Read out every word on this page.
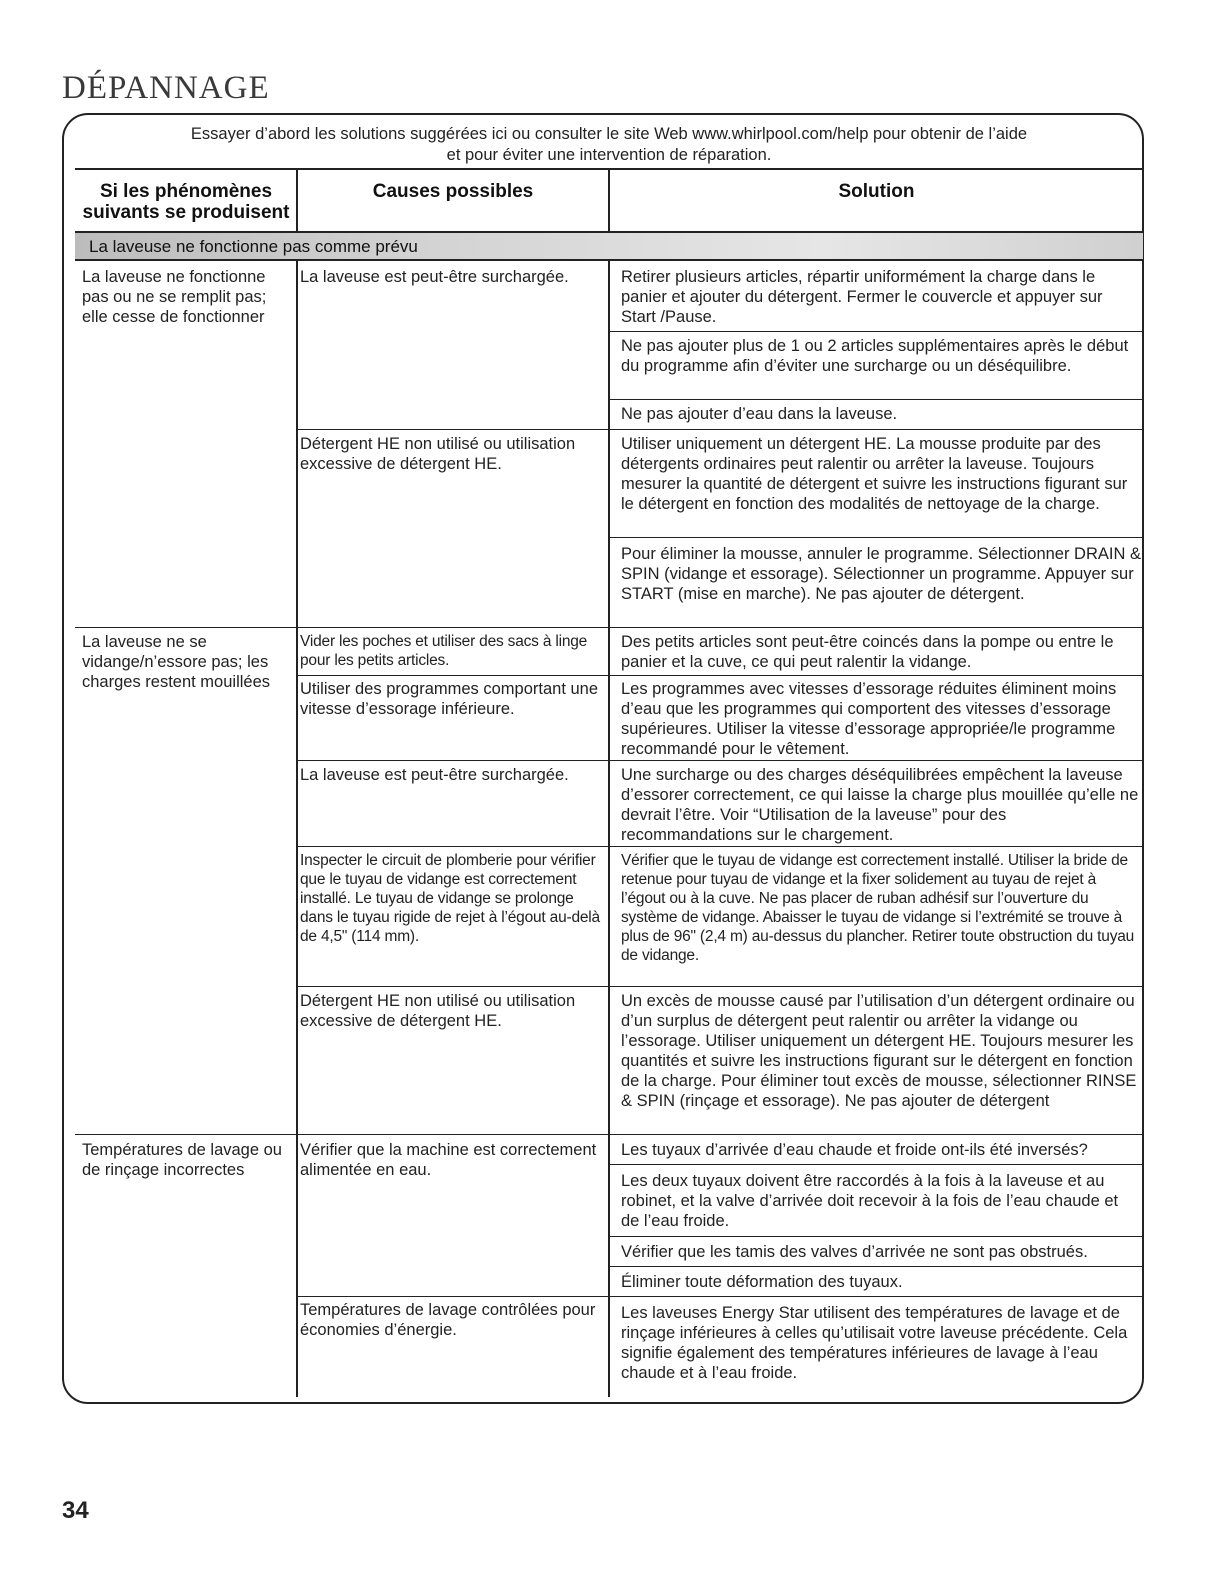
DÉPANNAGE
Essayer d’abord les solutions suggérées ici ou consulter le site Web www.whirlpool.com/help pour obtenir de l’aide
et pour éviter une intervention de réparation.
Si les phénomènes
suivants se produisent
Causes possibles	Solution
La laveuse ne fonctionne pas comme prévu
La laveuse ne fonctionne pas ou ne se remplit pas; elle cesse de fonctionner
La laveuse ne se vidange/n’essore pas; les charges restent mouillées
Températures de lavage ou de rinçage incorrectes
La laveuse est peut-être surchargée.
Détergent HE non utilisé ou utilisation excessive de détergent HE.
Vider les poches et utiliser des sacs à linge pour les petits articles.
Utiliser des programmes comportant une vitesse d’essorage inférieure.
La laveuse est peut-être surchargée.
Inspecter le circuit de plomberie pour vérifier que le tuyau de vidange est correctement installé. Le tuyau de vidange se prolonge dans le tuyau rigide de rejet à l’égout au-delà de 4,5" (114 mm).
Détergent HE non utilisé ou utilisation excessive de détergent HE.
Vérifier que la machine est correctement alimentée en eau.
Températures de lavage contrôlées pour économies d’énergie.
Retirer plusieurs articles, répartir uniformément la charge dans le panier et ajouter du détergent. Fermer le couvercle et appuyer sur Start /Pause.
Ne pas ajouter plus de 1 ou 2 articles supplémentaires après le début du programme afin d’éviter une surcharge ou un déséquilibre.
Ne pas ajouter d’eau dans la laveuse.
Utiliser uniquement un détergent HE. La mousse produite par des détergents ordinaires peut ralentir ou arrêter la laveuse. Toujours mesurer la quantité de détergent et suivre les instructions figurant sur le détergent en fonction des modalités de nettoyage de la charge.
Pour éliminer la mousse, annuler le programme. Sélectionner DRAIN & SPIN (vidange et essorage). Sélectionner un programme. Appuyer sur START (mise en marche). Ne pas ajouter de détergent.
Des petits articles sont peut-être coincés dans la pompe ou entre le panier et la cuve, ce qui peut ralentir la vidange.
Les programmes avec vitesses d’essorage réduites éliminent moins d’eau que les programmes qui comportent des vitesses d’essorage supérieures. Utiliser la vitesse d’essorage appropriée/le programme recommandé pour le vêtement.
Une surcharge ou des charges déséquilibrées empêchent la laveuse d’essorer correctement, ce qui laisse la charge plus mouillée qu’elle ne devrait l’être. Voir “Utilisation de la laveuse” pour des recommandations sur le chargement.
Vérifier que le tuyau de vidange est correctement installé. Utiliser la bride de retenue pour tuyau de vidange et la fixer solidement au tuyau de rejet à l’égout ou à la cuve. Ne pas placer de ruban adhésif sur l’ouverture du système de vidange. Abaisser le tuyau de vidange si l’extrémité se trouve à plus de 96" (2,4 m) au-dessus du plancher. Retirer toute obstruction du tuyau de vidange.
Un excès de mousse causé par l’utilisation d’un détergent ordinaire ou d’un surplus de détergent peut ralentir ou arrêter la vidange ou l’essorage. Utiliser uniquement un détergent HE. Toujours mesurer les quantités et suivre les instructions figurant sur le détergent en fonction de la charge. Pour éliminer tout excès de mousse, sélectionner RINSE & SPIN (rinçage et essorage). Ne pas ajouter de détergent
Les tuyaux d’arrivée d’eau chaude et froide ont-ils été inversés?
Les deux tuyaux doivent être raccordés à la fois à la laveuse et au robinet, et la valve d’arrivée doit recevoir à la fois de l’eau chaude et de l’eau froide.
Vérifier que les tamis des valves d’arrivée ne sont pas obstrués.
Éliminer toute déformation des tuyaux.
Les laveuses Energy Star utilisent des températures de lavage et de rinçage inférieures à celles qu’utilisait votre laveuse précédente. Cela signifie également des températures inférieures de lavage à l’eau chaude et à l’eau froide.
34
